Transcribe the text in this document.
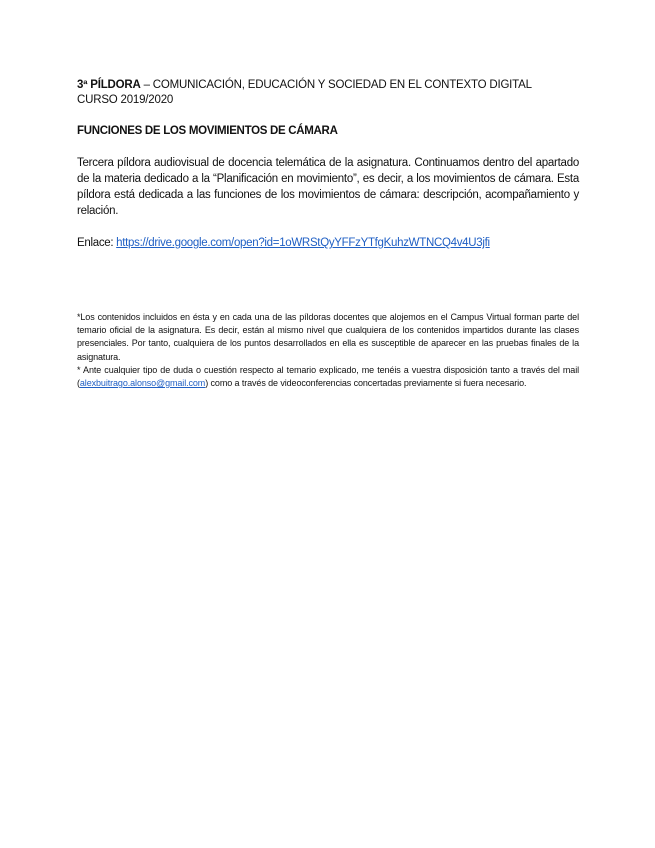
3ª PÍLDORA – COMUNICACIÓN, EDUCACIÓN Y SOCIEDAD EN EL CONTEXTO DIGITAL
CURSO 2019/2020
FUNCIONES DE LOS MOVIMIENTOS DE CÁMARA
Tercera píldora audiovisual de docencia telemática de la asignatura. Continuamos dentro del apartado de la materia dedicado a la “Planificación en movimiento”, es decir, a los movimientos de cámara. Esta píldora está dedicada a las funciones de los movimientos de cámara: descripción, acompañamiento y relación.
Enlace: https://drive.google.com/open?id=1oWRStQyYFFzYTfgKuhzWTNCQ4v4U3jfi

*Los contenidos incluidos en ésta y en cada una de las píldoras docentes que alojemos en el Campus Virtual forman parte del temario oficial de la asignatura. Es decir, están al mismo nivel que cualquiera de los contenidos impartidos durante las clases presenciales. Por tanto, cualquiera de los puntos desarrollados en ella es susceptible de aparecer en las pruebas finales de la asignatura.

* Ante cualquier tipo de duda o cuestión respecto al temario explicado, me tenéis a vuestra disposición tanto a través del mail (alexbuitrago.alonso@gmail.com) como a través de videoconferencias concertadas previamente si fuera necesario.
